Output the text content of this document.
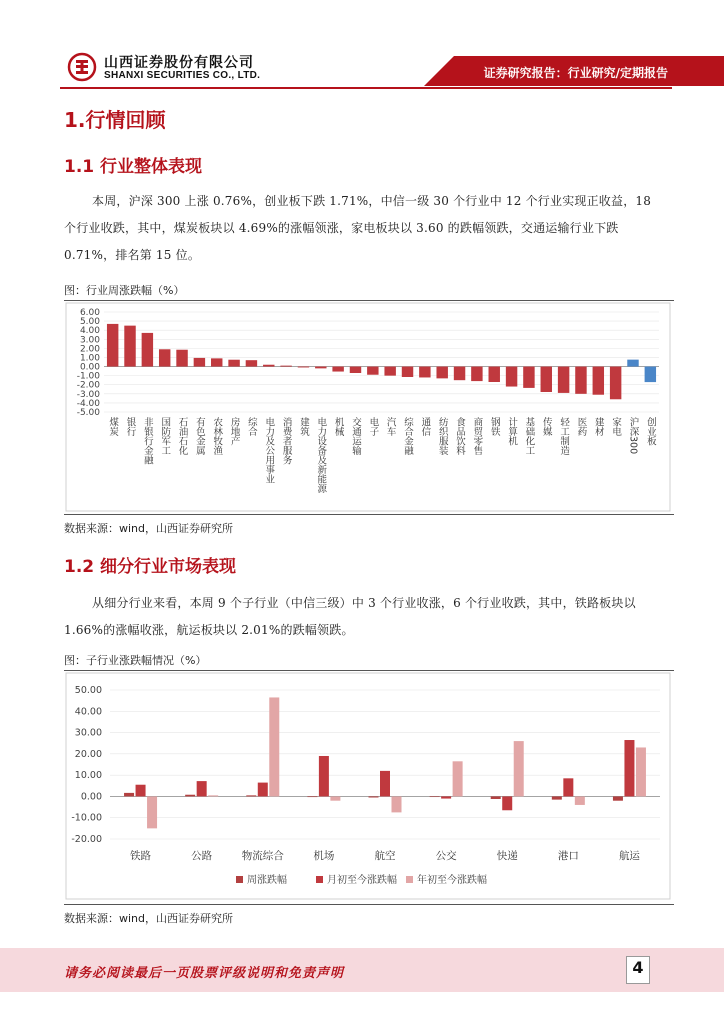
山西证券股份有限公司
SHANXI SECURITIES CO., LTD.	证券研究报告：行业研究/定期报告
1.行情回顾
1.1 行业整体表现
本周，沪深 300 上涨 0.76%，创业板下跌 1.71%，中信一级 30 个行业中 12 个行业实现正收益，18 个行业收跌，其中，煤炭板块以 4.69%的涨幅领涨，家电板块以 3.60 的跌幅领跌，交通运输行业下跌 0.71%，排名第 15 位。
图：行业周涨跌幅（%）
6.00
5.00
4.00
3.00
2.00
1.00
0.00
-1.00
-2.00
-3.00
-4.00
-5.00
煤炭 银行 非银行金融 国防军工 石油石化 有色金属 农林牧渔 房地产 综合 电力及公用事业 消费者服务 建筑 电力设备及新能源 机械 交通运输 电子 汽车 综合金融 通信 纺织服装 食品饮料 商贸零售 钢铁 计算机 基础化工 传媒 轻工制造 医药 建材 家电 沪深300 创业板
数据来源：wind，山西证券研究所
1.2 细分行业市场表现
从细分行业来看，本周 9 个子行业（中信三级）中 3 个行业收涨，6 个行业收跌，其中，铁路板块以 1.66%的涨幅收涨，航运板块以 2.01%的跌幅领跌。
图：子行业涨跌幅情况（%）
50.00
40.00
30.00
20.00
10.00
0.00
-10.00
-20.00
铁路	公路	物流综合	机场	航空	公交	快递	港口	航运
周涨跌幅	月初至今涨跌幅 年初至今涨跌幅
数据来源：wind，山西证券研究所
请务必阅读最后一页股票评级说明和免责声明	4
